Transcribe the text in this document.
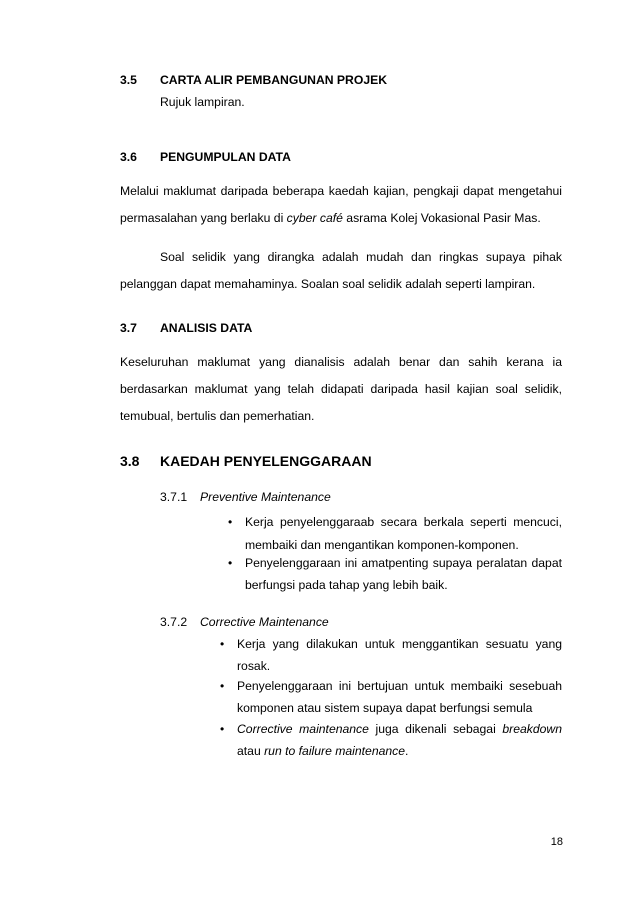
3.5 CARTA ALIR PEMBANGUNAN PROJEK
Rujuk lampiran.
3.6 PENGUMPULAN DATA
Melalui maklumat daripada beberapa kaedah kajian, pengkaji dapat mengetahui
permasalahan yang berlaku di cyber café asrama Kolej Vokasional Pasir Mas.
Soal selidik yang dirangka adalah mudah dan ringkas supaya pihak
pelanggan dapat memahaminya. Soalan soal selidik adalah seperti lampiran.
3.7 ANALISIS DATA
Keseluruhan maklumat yang dianalisis adalah benar dan sahih kerana ia
berdasarkan maklumat yang telah didapati daripada hasil kajian soal selidik,
temubual, bertulis dan pemerhatian.
3.8 KAEDAH PENYELENGGARAAN
3.7.1 Preventive Maintenance
• Kerja penyelenggaraab secara berkala seperti mencuci,
membaiki dan mengantikan komponen-komponen.
• Penyelenggaraan ini amatpenting supaya peralatan dapat
berfungsi pada tahap yang lebih baik.
3.7.2 Corrective Maintenance
• Kerja yang dilakukan untuk menggantikan sesuatu yang
rosak.
• Penyelenggaraan ini bertujuan untuk membaiki sesebuah
komponen atau sistem supaya dapat berfungsi semula
• Corrective maintenance juga dikenali sebagai breakdown
atau run to failure maintenance.
18
